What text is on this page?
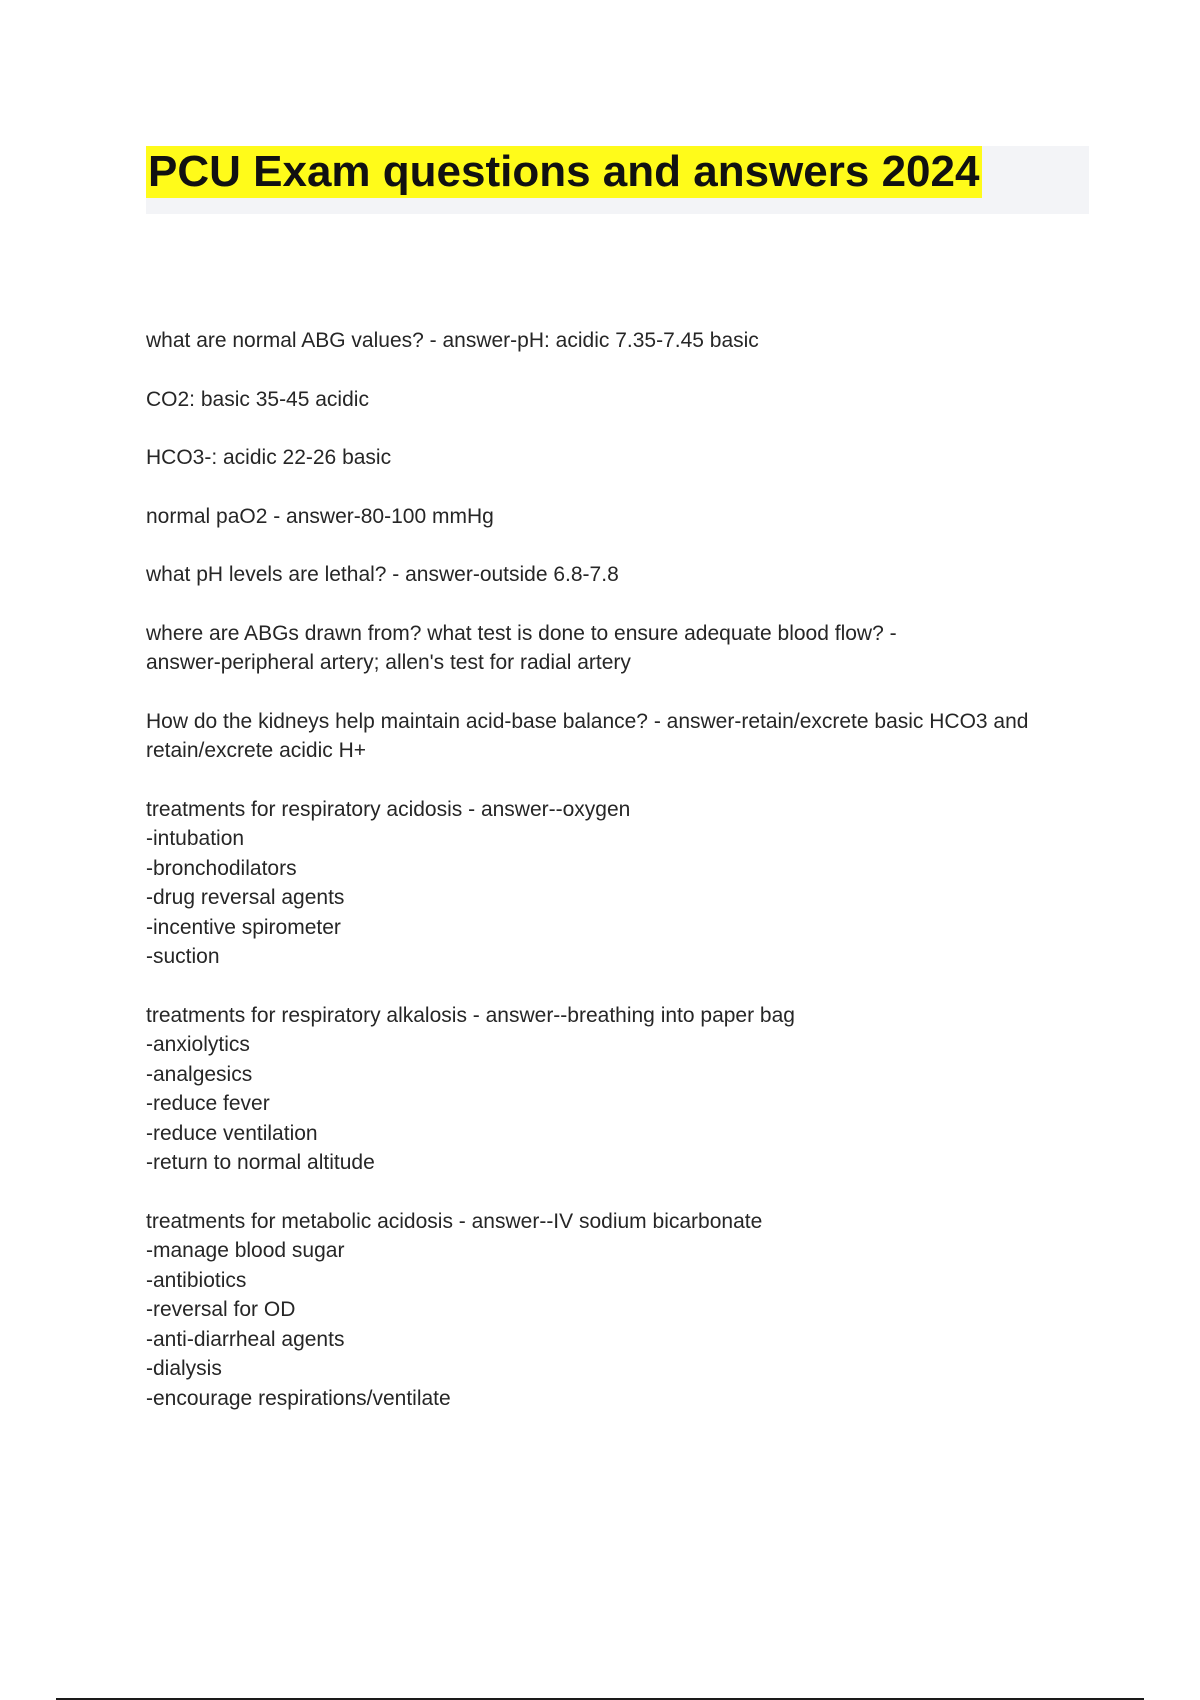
PCU Exam questions and answers 2024
what are normal ABG values? - answer-pH: acidic 7.35-7.45 basic
CO2: basic 35-45 acidic
HCO3-: acidic 22-26 basic
normal paO2 - answer-80-100 mmHg
what pH levels are lethal? - answer-outside 6.8-7.8
where are ABGs drawn from? what test is done to ensure adequate blood flow? -
answer-peripheral artery; allen's test for radial artery
How do the kidneys help maintain acid-base balance? - answer-retain/excrete basic HCO3 and
retain/excrete acidic H+
treatments for respiratory acidosis - answer--oxygen
-intubation
-bronchodilators
-drug reversal agents
-incentive spirometer
-suction
treatments for respiratory alkalosis - answer--breathing into paper bag
-anxiolytics
-analgesics
-reduce fever
-reduce ventilation
-return to normal altitude
treatments for metabolic acidosis - answer--IV sodium bicarbonate
-manage blood sugar
-antibiotics
-reversal for OD
-anti-diarrheal agents
-dialysis
-encourage respirations/ventilate
